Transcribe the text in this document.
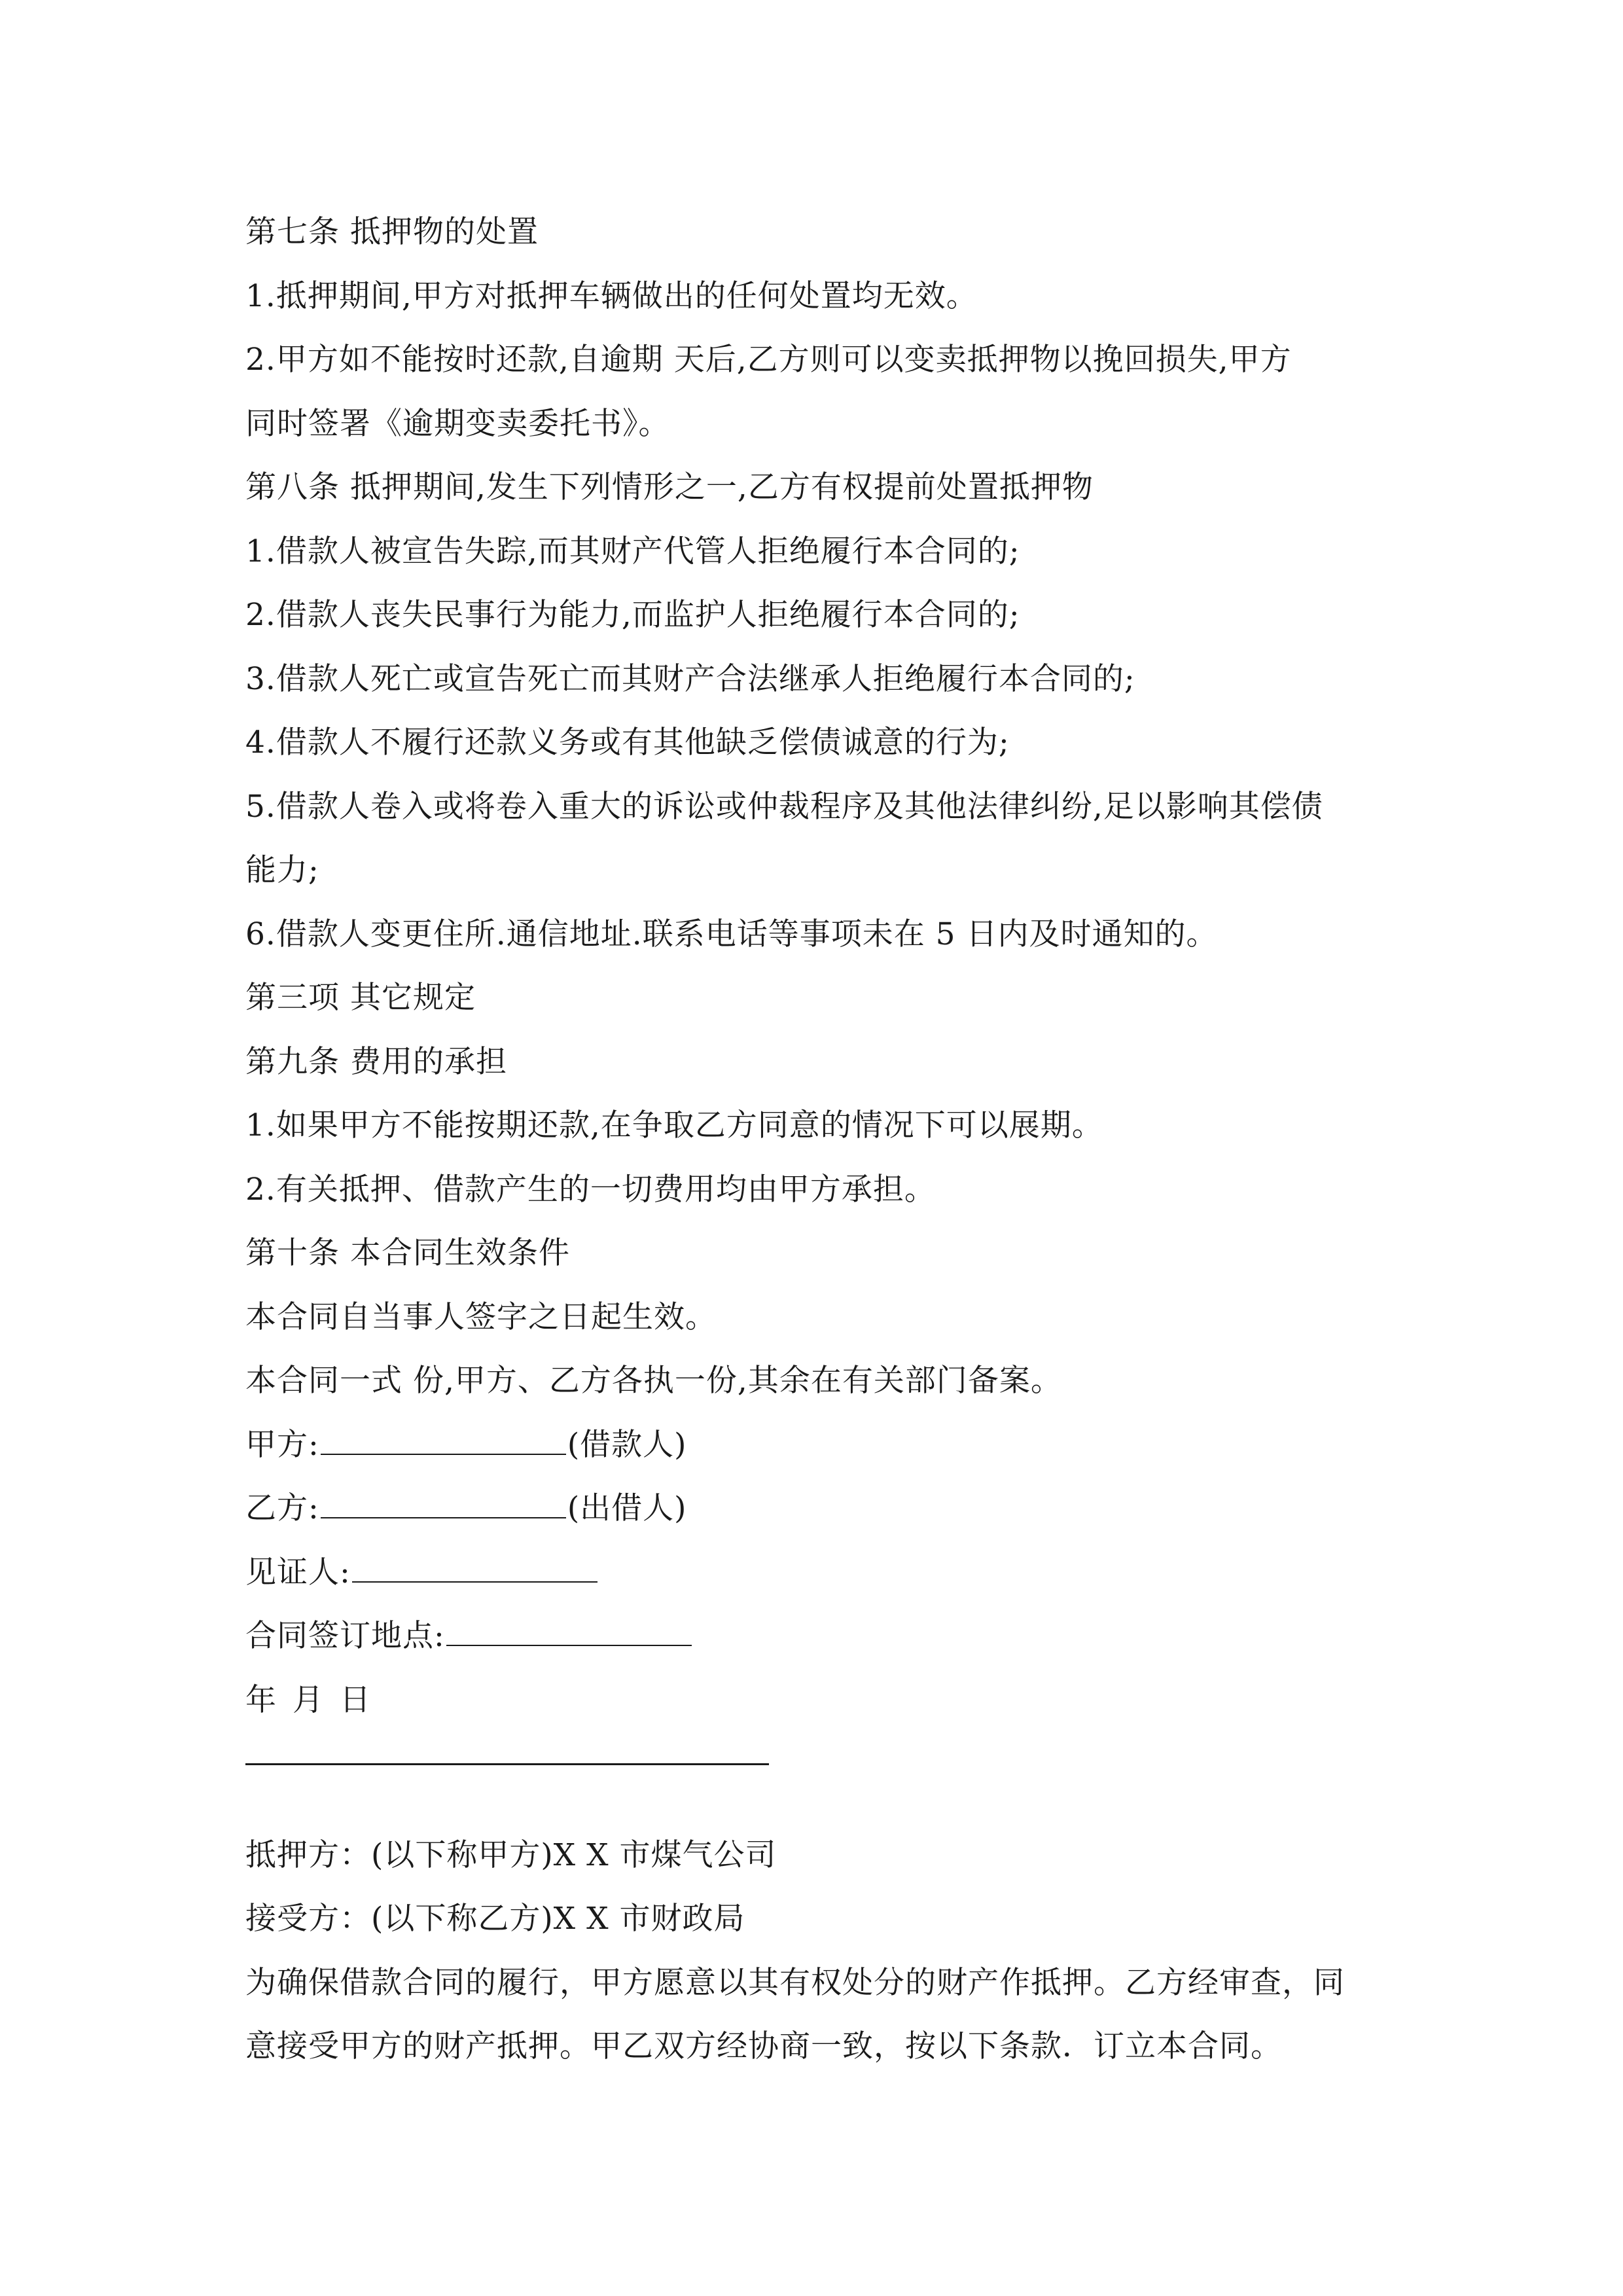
第七条 抵押物的处置
1.抵押期间,甲方对抵押车辆做出的任何处置均无效。
2.甲方如不能按时还款,自逾期 天后,乙方则可以变卖抵押物以挽回损失,甲方
同时签署《逾期变卖委托书》。
第八条 抵押期间,发生下列情形之一,乙方有权提前处置抵押物
1.借款人被宣告失踪,而其财产代管人拒绝履行本合同的;
2.借款人丧失民事行为能力,而监护人拒绝履行本合同的;
3.借款人死亡或宣告死亡而其财产合法继承人拒绝履行本合同的;
4.借款人不履行还款义务或有其他缺乏偿债诚意的行为;
5.借款人卷入或将卷入重大的诉讼或仲裁程序及其他法律纠纷,足以影响其偿债
能力;
6.借款人变更住所.通信地址.联系电话等事项未在 5 日内及时通知的。
第三项 其它规定
第九条 费用的承担
1.如果甲方不能按期还款,在争取乙方同意的情况下可以展期。
2.有关抵押、借款产生的一切费用均由甲方承担。
第十条 本合同生效条件
本合同自当事人签字之日起生效。
本合同一式 份,甲方、乙方各执一份,其余在有关部门备案。
甲方:	(借款人)
乙方:	(出借人)
见证人:
合同签订地点:
年 月 日
抵押方：(以下称甲方)X X 市煤气公司
接受方：(以下称乙方)X X 市财政局
为确保借款合同的履行，甲方愿意以其有权处分的财产作抵押。乙方经审查，同
意接受甲方的财产抵押。甲乙双方经协商一致，按以下条款．订立本合同。
